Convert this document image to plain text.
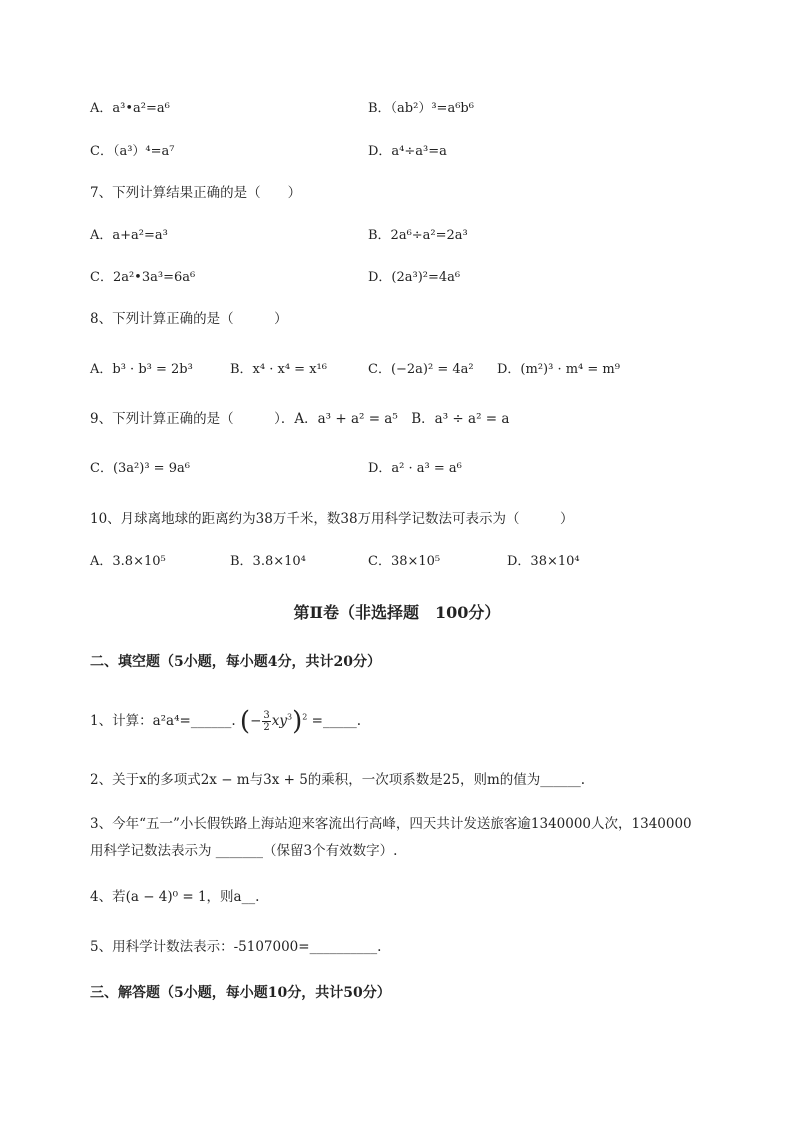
A．a³•a²=a⁶	B．（ab²）³=a⁶b⁶
C．（a³）⁴=a⁷	D．a⁴÷a³=a
7、下列计算结果正确的是（　　）
A．a+a²=a³	B．2a⁶÷a²=2a³
C．2a²•3a³=6a⁶	D．(2a³)²=4a⁶
8、下列计算正确的是（　　　）
A．b³ · b³ = 2b³	B．x⁴ · x⁴ = x¹⁶	C．(−2a)² = 4a² D．(m²)³ · m⁴ = m⁹
9、下列计算正确的是（　　　）．A．a³ + a² = a⁵　B．a³ ÷ a² = a
C．(3a²)³ = 9a⁶	D．a² · a³ = a⁶
10、月球离地球的距离约为38万千米，数38万用科学记数法可表示为（　　　）
A．3.8×10⁵	B．3.8×10⁴	C．38×10⁵	D．38×10⁴
第Ⅱ卷（非选择题　100分）
二、填空题（5小题，每小题4分，共计20分）
1、计算：a²a⁴=______. (− $\frac{3}{2} xy^3)^2$ =_____.
2、关于x的多项式2x − m与3x + 5的乘积，一次项系数是25，则m的值为______.
3、今年“五一”小长假铁路上海站迎来客流出行高峰，四天共计发送旅客逾1340000人次，1340000
用科学记数法表示为 _______（保留3个有效数字）.
4、若(a − 4)⁰ = 1，则a__.
5、用科学计数法表示：-5107000=__________.
三、解答题（5小题，每小题10分，共计50分）
